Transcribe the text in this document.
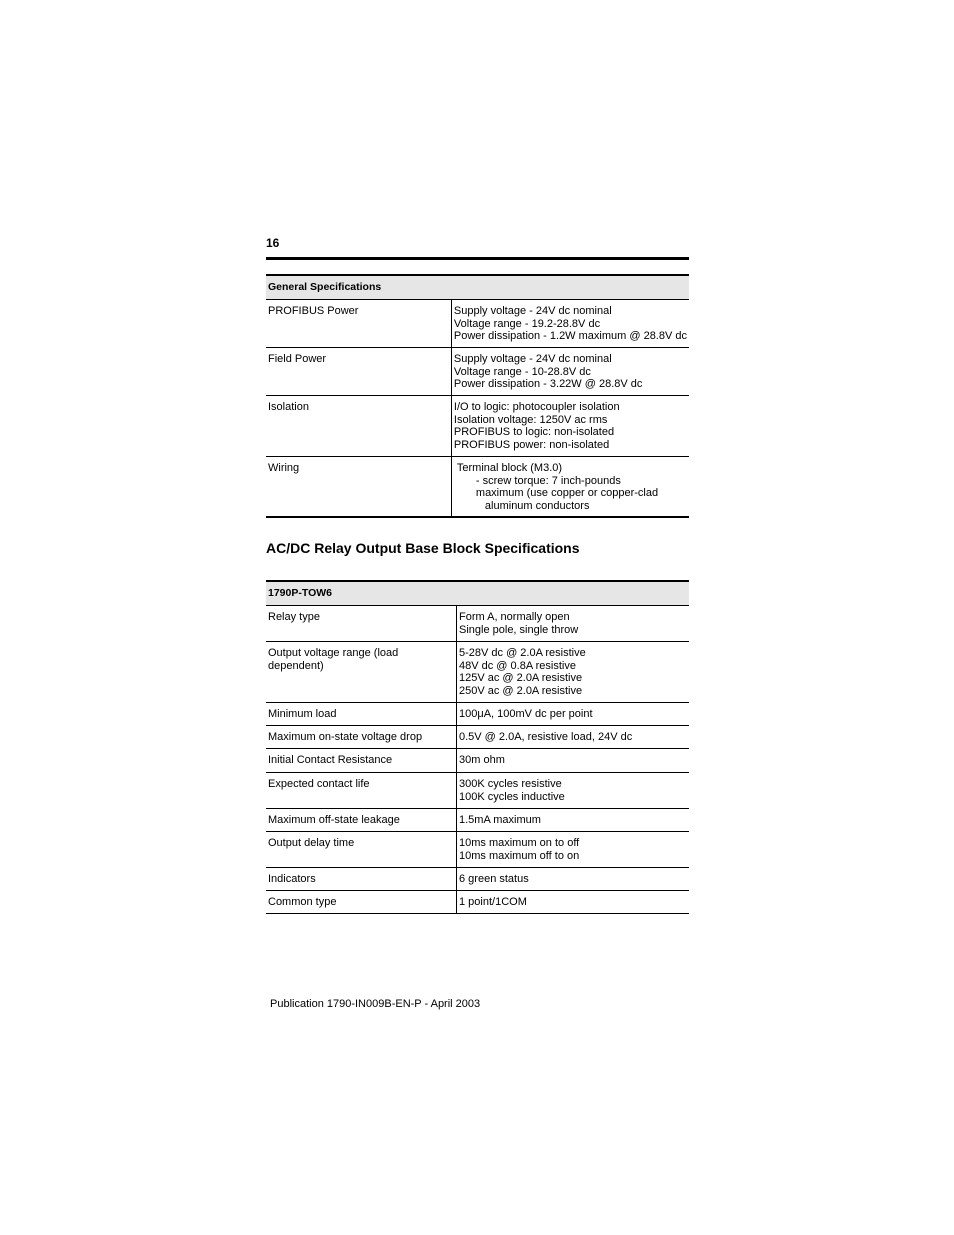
16
General Specifications	
PROFIBUS Power	Supply voltage - 24V dc nominal
Voltage range - 19.2-28.8V dc
Power dissipation - 1.2W maximum @ 28.8V dc

Field Power	Supply voltage - 24V dc nominal
Voltage range - 10-28.8V dc
Power dissipation - 3.22W @ 28.8V dc

Isolation	I/O to logic: photocoupler isolation
Isolation voltage: 1250V ac rms
PROFIBUS to logic: non-isolated
PROFIBUS power: non-isolated

Wiring	Terminal block (M3.0)
- screw torque: 7 inch-pounds
maximum (use copper or copper-clad
aluminum conductors
AC/DC Relay Output Base Block Specifications
1790P-TOW6	
Relay type	Form A, normally open
Single pole, single throw

Output voltage range (load dependent)	5-28V dc @ 2.0A resistive
48V dc @ 0.8A resistive
125V ac @ 2.0A resistive
250V ac @ 2.0A resistive

Minimum load	100μA, 100mV dc per point

Maximum on-state voltage drop	0.5V @ 2.0A, resistive load, 24V dc

Initial Contact Resistance	30m ohm

Expected contact life	300K cycles resistive
100K cycles inductive

Maximum off-state leakage	1.5mA maximum

Output delay time	10ms maximum on to off
10ms maximum off to on

Indicators	6 green status

Common type	1 point/1COM
Publication 1790-IN009B-EN-P - April 2003
